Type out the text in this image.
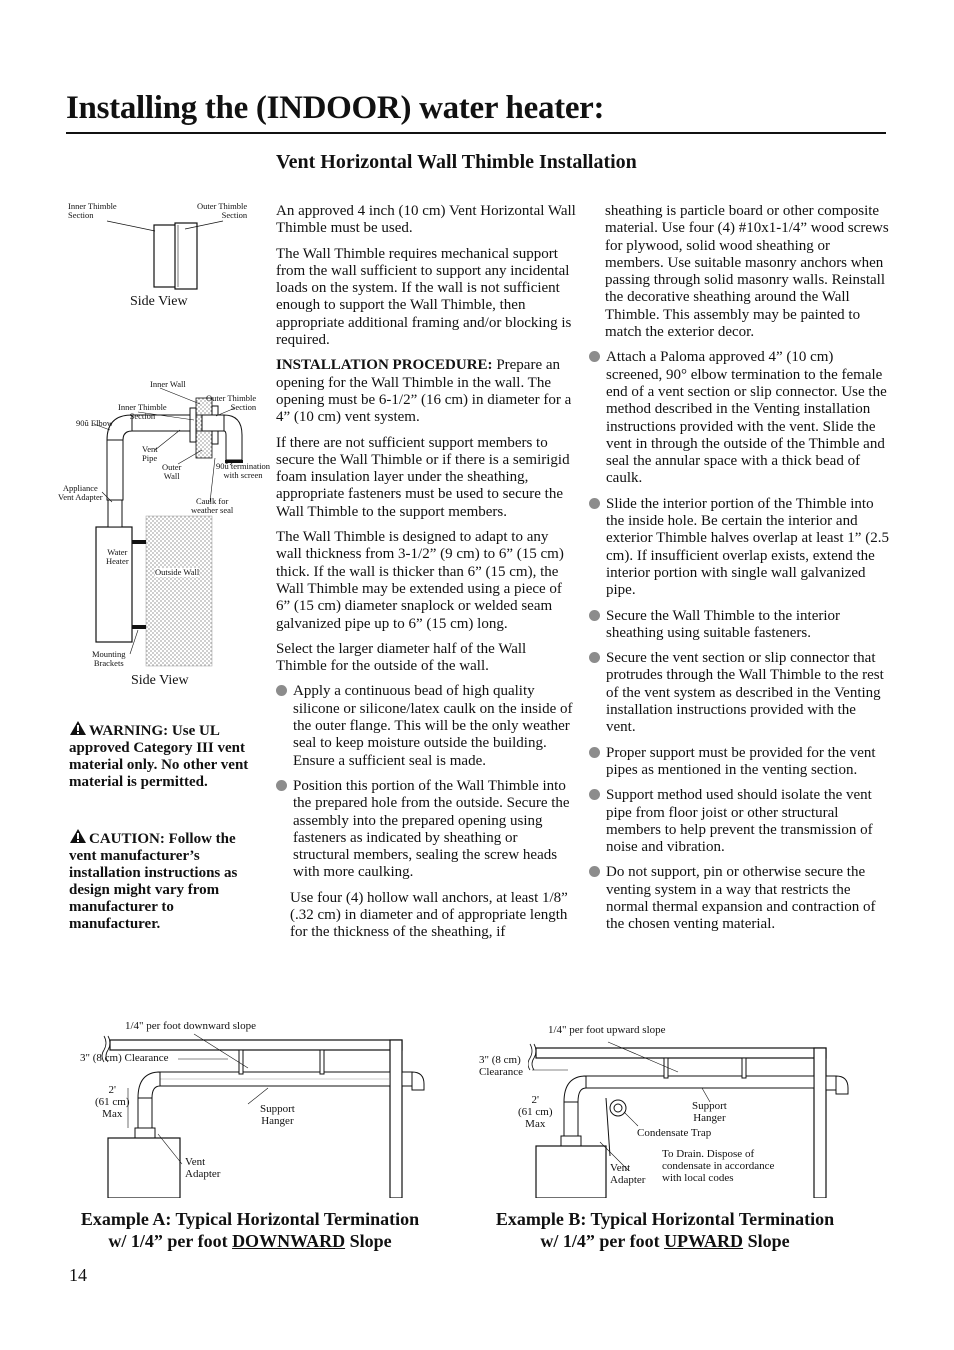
Installing the (INDOOR) water heater:
Vent Horizontal Wall Thimble Installation
Inner Thimble
Section
Outer Thimble
Section
Side View
Inner Wall
Inner Thimble
Section
Outer Thimble
Section
90û Elbow
Vent
Pipe
Outer
Wall
90û termination
with screen
Appliance
Vent Adapter	Caulk for
weather seal
Water
Heater
Outside Wall
Mounting
Brackets
Side View
WARNING: Use UL approved Category III vent material only. No other vent material is permitted.
CAUTION: Follow the vent manufacturer’s installation instructions as design might vary from manufacturer to manufacturer.

An approved 4 inch (10 cm) Vent Horizontal Wall Thimble must be used.

The Wall Thimble requires mechanical support from the wall sufficient to support any incidental loads on the system. If the wall is not sufficient enough to support the Wall Thimble, then appropriate additional framing and/or blocking is required.

INSTALLATION PROCEDURE: Prepare an opening for the Wall Thimble in the wall. The opening must be 6-1/2” (16 cm) in diameter for a 4” (10 cm) vent system.

If there are not sufficient support members to secure the Wall Thimble or if there is a semirigid foam insulation layer under the sheathing, appropriate fasteners must be used to secure the Wall Thimble to the support members.

The Wall Thimble is designed to adapt to any wall thickness from 3-1/2” (9 cm) to 6” (15 cm) thick. If the wall is thicker than 6” (15 cm), the Wall Thimble may be extended using a piece of 6” (15 cm) diameter snaplock or welded seam galvanized pipe up to 6” (15 cm) long.

Select the larger diameter half of the Wall Thimble for the outside of the wall.

Apply a continuous bead of high quality silicone or silicone/latex caulk on the inside of the outer flange. This will be the only weather seal to keep moisture outside the building. Ensure a sufficient seal is made.
Position this portion of the Wall Thimble into the prepared hole from the outside. Secure the assembly into the prepared opening using fasteners as indicated by sheathing or structural members, sealing the screw heads with more caulking.

Use four (4) hollow wall anchors, at least 1/8” (.32 cm) in diameter and of appropriate length for the thickness of the sheathing, if

sheathing is particle board or other composite material. Use four (4) #10x1-1/4” wood screws for plywood, solid wood sheathing or members. Use suitable masonry anchors when passing through solid masonry walls. Reinstall the decorative sheathing around the Wall Thimble. This assembly may be painted to match the exterior decor.

Attach a Paloma approved 4” (10 cm) screened, 90° elbow termination to the female end of a vent section or slip connector. Use the method described in the Venting installation instructions provided with the vent. Slide the vent in through the outside of the Thimble and seal the annular space with a thick bead of caulk.
Slide the interior portion of the Thimble into the inside hole. Be certain the interior and exterior Thimble halves overlap at least 1” (2.5 cm). If insufficient overlap exists, extend the interior portion with single wall galvanized pipe.
Secure the Wall Thimble to the interior sheathing using suitable fasteners.
Secure the vent section or slip connector that protrudes through the Wall Thimble to the rest of the vent system as described in the Venting installation instructions provided with the vent.
Proper support must be provided for the vent pipes as mentioned in the venting section.
Support method used should isolate the vent pipe from floor joist or other structural members to help prevent the transmission of noise and vibration.
Do not support, pin or otherwise secure the venting system in a way that restricts the normal thermal expansion and contraction of the chosen venting material.
1/4" per foot downward slope
3" (8 cm) Clearance
2'
(61 cm)
Max	Support
Hanger
Vent
Adapter
Example A: Typical Horizontal Termination
w/ 1/4” per foot DOWNWARD Slope
1/4" per foot upward slope
3" (8 cm)
Clearance
2'
(61 cm)
Max
Support
Hanger
Condensate Trap
Vent
Adapter
To Drain. Dispose of
condensate in accordance
with local codes
Example B: Typical Horizontal Termination
w/ 1/4” per foot UPWARD Slope
14
